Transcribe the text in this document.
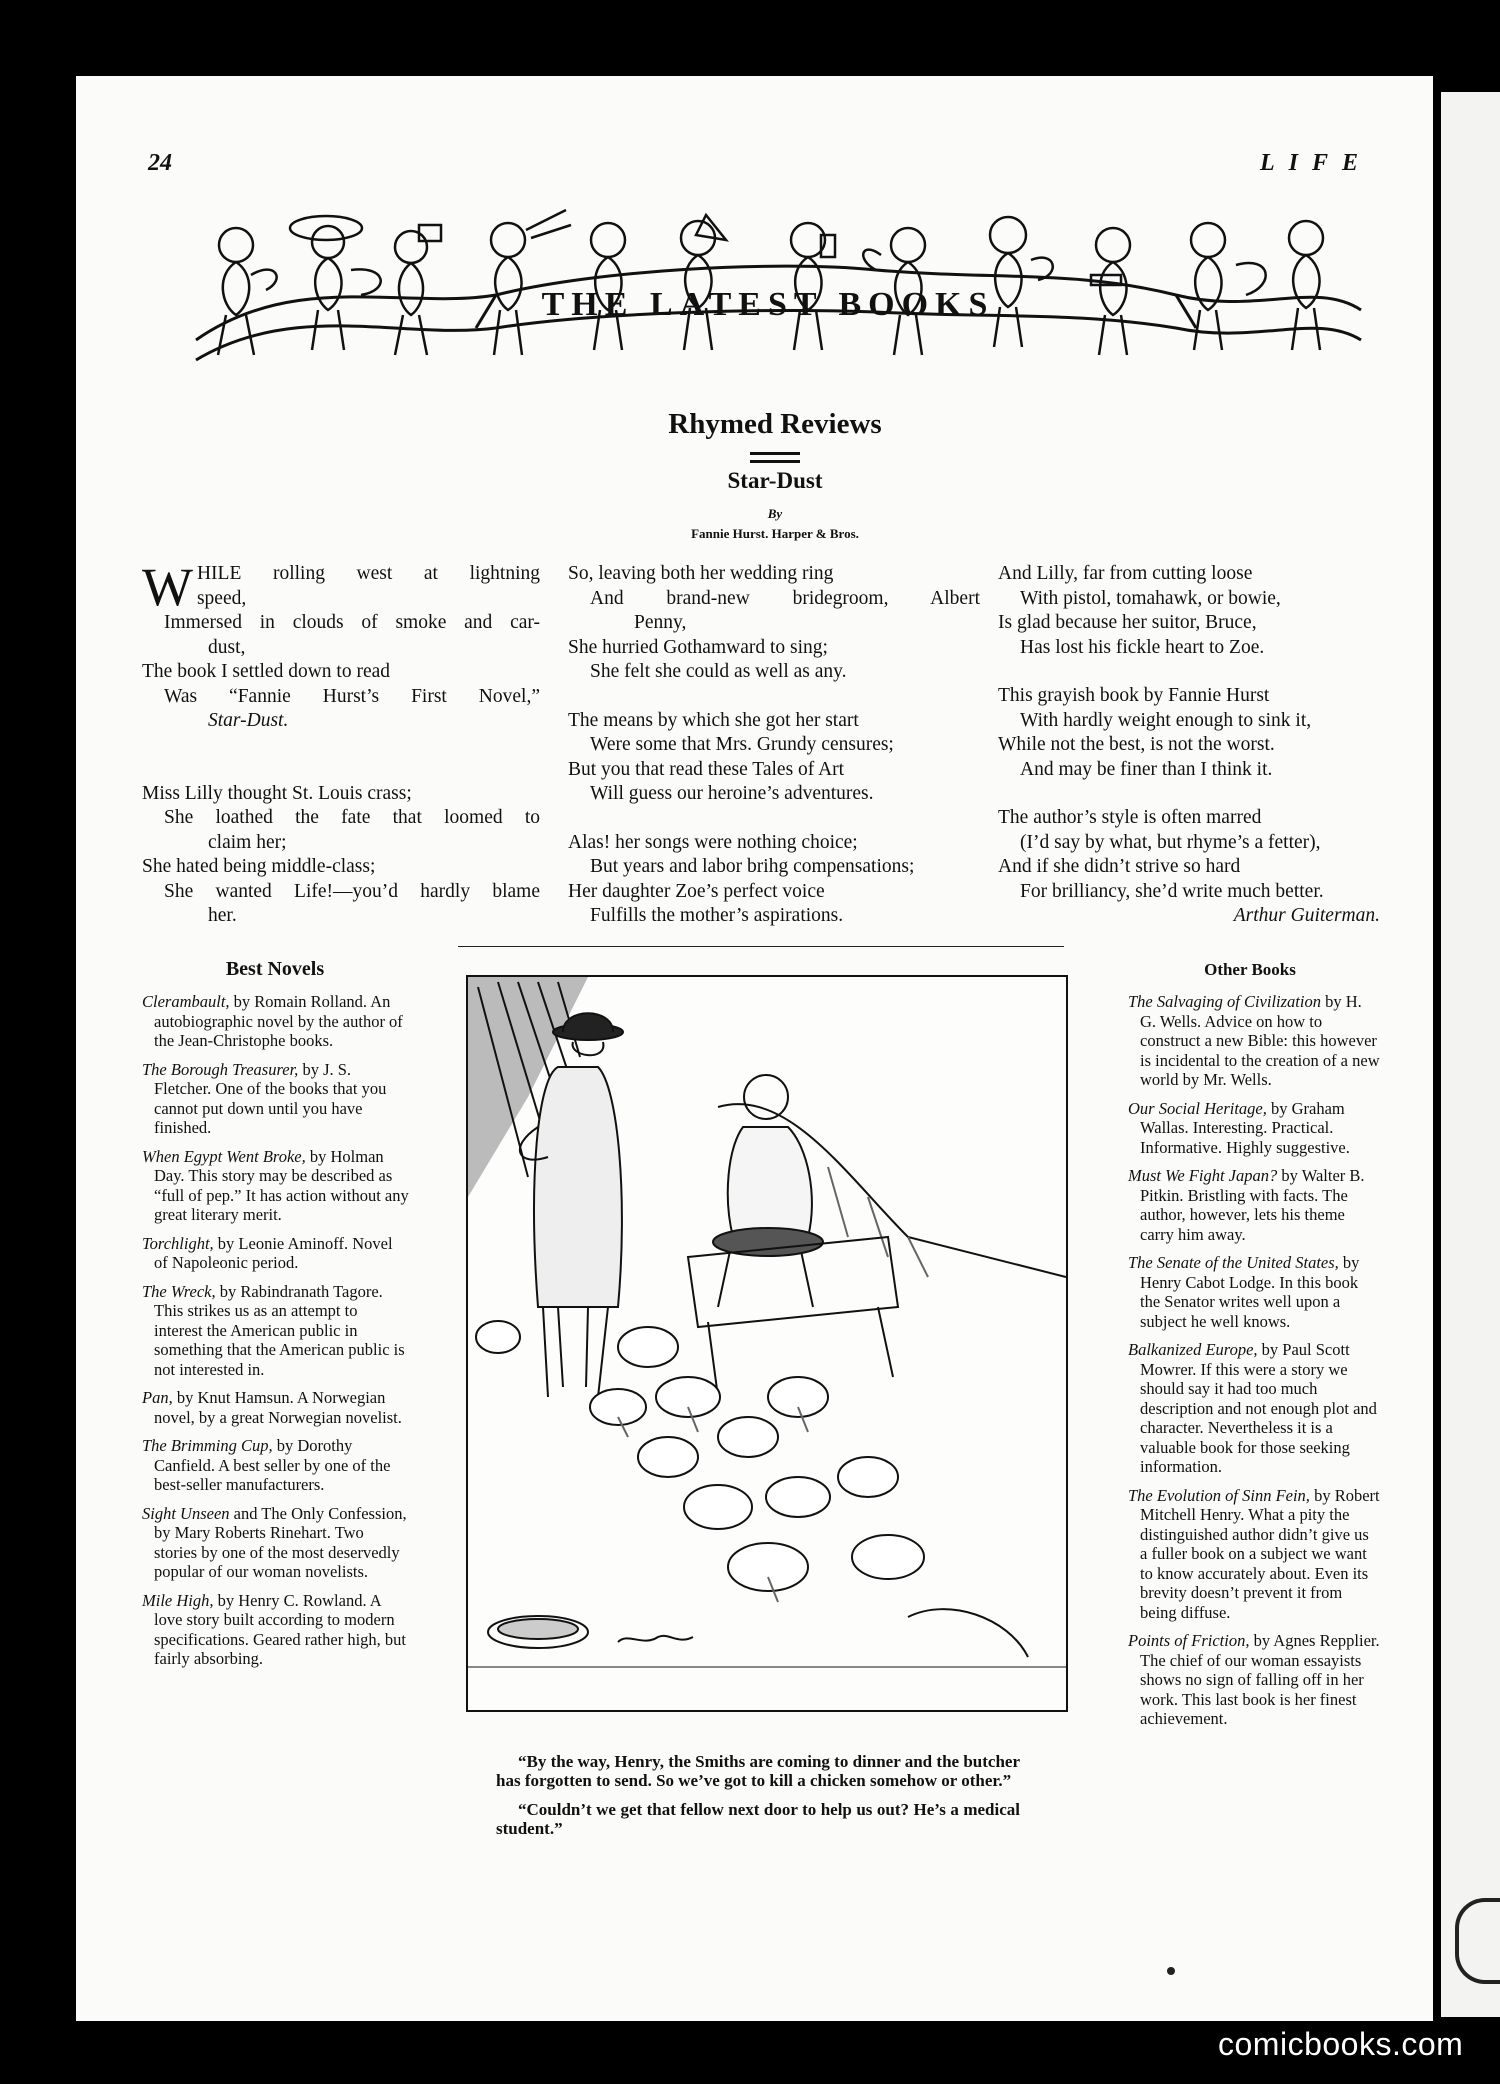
24	LIFE
THE LATEST BOOKS
Rhymed Reviews
Star-Dust
By
Fannie Hurst. Harper & Bros.
W HILE rolling west at lightning
speed,
Immersed in clouds of smoke and car-
dust,
The book I settled down to read
Was “Fannie Hurst’s First Novel,”
Star-Dust.
Miss Lilly thought St. Louis crass;
She loathed the fate that loomed to
claim her;
She hated being middle-class;
She wanted Life!—you’d hardly blame
her.
So, leaving both her wedding ring
And brand-new bridegroom, Albert
Penny,
She hurried Gothamward to sing;
She felt she could as well as any.
The means by which she got her start
Were some that Mrs. Grundy censures;
But you that read these Tales of Art
Will guess our heroine’s adventures.
Alas! her songs were nothing choice;
But years and labor brihg compensations;
Her daughter Zoe’s perfect voice
Fulfills the mother’s aspirations.
And Lilly, far from cutting loose
With pistol, tomahawk, or bowie,
Is glad because her suitor, Bruce,
Has lost his fickle heart to Zoe.
This grayish book by Fannie Hurst
With hardly weight enough to sink it,
While not the best, is not the worst.
And may be finer than I think it.
The author’s style is often marred
(I’d say by what, but rhyme’s a fetter),
And if she didn’t strive so hard
For brilliancy, she’d write much better.
Arthur Guiterman.
Best Novels
Clerambault, by Romain Rolland. An autobiographic novel by the author of the Jean-Christophe books.
The Borough Treasurer, by J. S. Fletcher. One of the books that you cannot put down until you have finished.
When Egypt Went Broke, by Holman Day. This story may be described as “full of pep.” It has action without any great literary merit.
Torchlight, by Leonie Aminoff. Novel of Napoleonic period.
The Wreck, by Rabindranath Tagore. This strikes us as an attempt to interest the American public in something that the American public is not interested in.
Pan, by Knut Hamsun. A Norwegian novel, by a great Norwegian novelist.
The Brimming Cup, by Dorothy Canfield. A best seller by one of the best-seller manufacturers.
Sight Unseen and The Only Confession, by Mary Roberts Rinehart. Two stories by one of the most deservedly popular of our woman novelists.
Mile High, by Henry C. Rowland. A love story built according to modern specifications. Geared rather high, but fairly absorbing.

“By the way, Henry, the Smiths are coming to dinner and the butcher has forgotten to send. So we’ve got to kill a chicken somehow or other.”

“Couldn’t we get that fellow next door to help us out? He’s a medical student.”

Other Books
The Salvaging of Civilization by H. G. Wells. Advice on how to construct a new Bible: this however is incidental to the creation of a new world by Mr. Wells.
Our Social Heritage, by Graham Wallas. Interesting. Practical. Informative. Highly suggestive.
Must We Fight Japan? by Walter B. Pitkin. Bristling with facts. The author, however, lets his theme carry him away.
The Senate of the United States, by Henry Cabot Lodge. In this book the Senator writes well upon a subject he well knows.
Balkanized Europe, by Paul Scott Mowrer. If this were a story we should say it had too much description and not enough plot and character. Nevertheless it is a valuable book for those seeking information.
The Evolution of Sinn Fein, by Robert Mitchell Henry. What a pity the distinguished author didn’t give us a fuller book on a subject we want to know accurately about. Even its brevity doesn’t prevent it from being diffuse.
Points of Friction, by Agnes Repplier. The chief of our woman essayists shows no sign of falling off in her work. This last book is her finest achievement.
comicbooks.com
